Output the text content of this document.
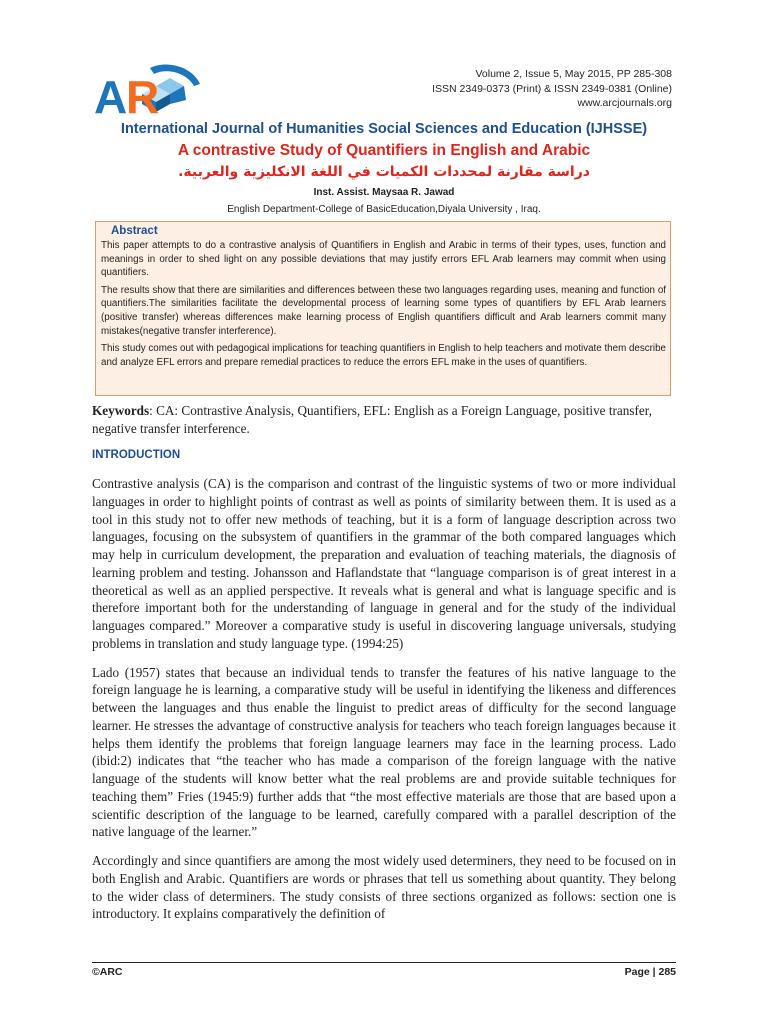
A
R	Volume 2, Issue 5, May 2015, PP 285-308
ISSN 2349-0373 (Print) & ISSN 2349-0381 (Online)
www.arcjournals.org
International Journal of Humanities Social Sciences and Education (IJHSSE)
A contrastive Study of Quantifiers in English and Arabic
دراسة مقارنة لمحددات الكميات في اللغة الانكليزية والعربية.
Inst. Assist. Maysaa R. Jawad
English Department-College of BasicEducation,Diyala University , Iraq.
Abstract

This paper attempts to do a contrastive analysis of Quantifiers in English and Arabic in terms of their types, uses, function and meanings in order to shed light on any possible deviations that may justify errors EFL Arab learners may commit when using quantifiers.

The results show that there are similarities and differences between these two languages regarding uses, meaning and function of quantifiers.The similarities facilitate the developmental process of learning some types of quantifiers by EFL Arab learners (positive transfer) whereas differences make learning process of English quantifiers difficult and Arab learners commit many mistakes(negative transfer interference).

This study comes out with pedagogical implications for teaching quantifiers in English to help teachers and motivate them describe and analyze EFL errors and prepare remedial practices to reduce the errors EFL make in the uses of quantifiers.

Keywords: CA: Contrastive Analysis, Quantifiers, EFL: English as a Foreign Language, positive transfer, negative transfer interference.

INTRODUCTION

Contrastive analysis (CA) is the comparison and contrast of the linguistic systems of two or more individual languages in order to highlight points of contrast as well as points of similarity between them. It is used as a tool in this study not to offer new methods of teaching, but it is a form of language description across two languages, focusing on the subsystem of quantifiers in the grammar of the both compared languages which may help in curriculum development, the preparation and evaluation of teaching materials, the diagnosis of learning problem and testing. Johansson and Haflandstate that “language comparison is of great interest in a theoretical as well as an applied perspective. It reveals what is general and what is language specific and is therefore important both for the understanding of language in general and for the study of the individual languages compared.” Moreover a comparative study is useful in discovering language universals, studying problems in translation and study language type. (1994:25)

Lado (1957) states that because an individual tends to transfer the features of his native language to the foreign language he is learning, a comparative study will be useful in identifying the likeness and differences between the languages and thus enable the linguist to predict areas of difficulty for the second language learner. He stresses the advantage of constructive analysis for teachers who teach foreign languages because it helps them identify the problems that foreign language learners may face in the learning process. Lado (ibid:2) indicates that “the teacher who has made a comparison of the foreign language with the native language of the students will know better what the real problems are and provide suitable techniques for teaching them” Fries (1945:9) further adds that “the most effective materials are those that are based upon a scientific description of the language to be learned, carefully compared with a parallel description of the native language of the learner.”

Accordingly and since quantifiers are among the most widely used determiners, they need to be focused on in both English and Arabic. Quantifiers are words or phrases that tell us something about quantity. They belong to the wider class of determiners. The study consists of three sections organized as follows: section one is introductory. It explains comparatively the definition of

©ARC	Page | 285
